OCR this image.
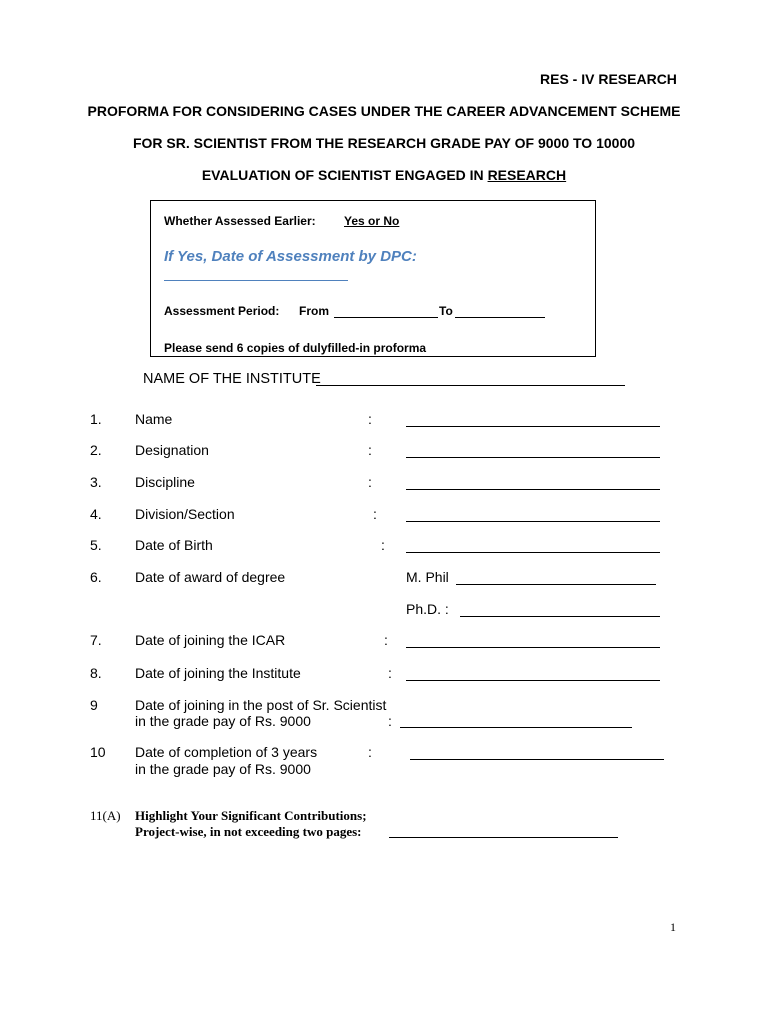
RES - IV RESEARCH
PROFORMA FOR CONSIDERING CASES UNDER THE CAREER ADVANCEMENT SCHEME
FOR SR. SCIENTIST FROM THE RESEARCH GRADE PAY OF 9000 TO 10000
EVALUATION OF SCIENTIST ENGAGED IN RESEARCH
Whether Assessed Earlier: Yes or No
If Yes, Date of Assessment by DPC:
Assessment Period: From	To
Please send 6 copies of dulyfilled-in proforma
NAME OF THE INSTITUTE
1. Name	:
2. Designation	:
3. Discipline	:
4. Division/Section	:
5. Date of Birth	:
6. Date of award of degree	M. Phil
Ph.D. :
7. Date of joining the ICAR	:
8. Date of joining the Institute	:
9	Date of joining in the post of Sr. Scientist
in the grade pay of Rs. 9000	:
10 Date of completion of 3 years
in the grade pay of Rs. 9000
:
11(A) Highlight Your Significant Contributions;
Project-wise, in not exceeding two pages:
1
